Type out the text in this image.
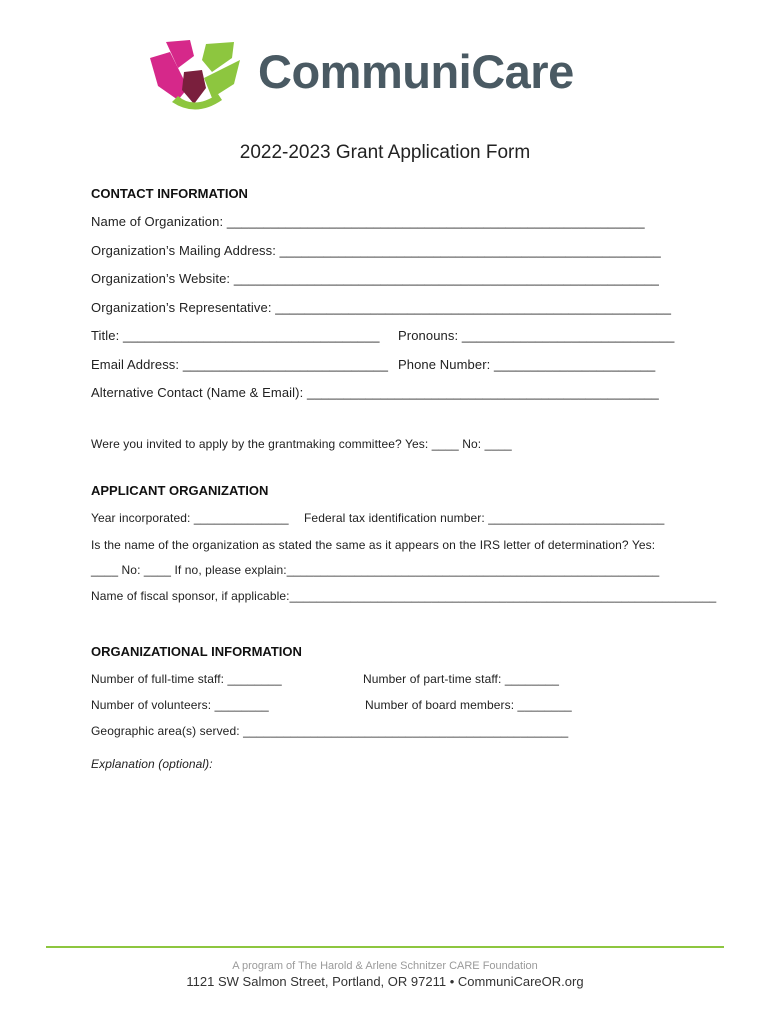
CommuniCare
2022-2023 Grant Application Form
CONTACT INFORMATION
Name of Organization: _________________________________________________________
Organization’s Mailing Address: ____________________________________________________
Organization’s Website: __________________________________________________________
Organization’s Representative: ______________________________________________________
Title: ___________________________________ Pronouns: _____________________________
Email Address: ____________________________ Phone Number: ______________________
Alternative Contact (Name & Email): ________________________________________________
Were you invited to apply by the grantmaking committee? Yes: ____ No: ____
APPLICANT ORGANIZATION
Year incorporated: ______________ Federal tax identification number: __________________________
Is the name of the organization as stated the same as it appears on the IRS letter of determination? Yes:
____ No: ____ If no, please explain:_______________________________________________________
Name of fiscal sponsor, if applicable:_______________________________________________________________
ORGANIZATIONAL INFORMATION
Number of full-time staff: ________	Number of part-time staff: ________
Number of volunteers: ________	Number of board members: ________
Geographic area(s) served: ________________________________________________
Explanation (optional):
A program of The Harold & Arlene Schnitzer CARE Foundation
1121 SW Salmon Street, Portland, OR 97211 • CommuniCareOR.org
